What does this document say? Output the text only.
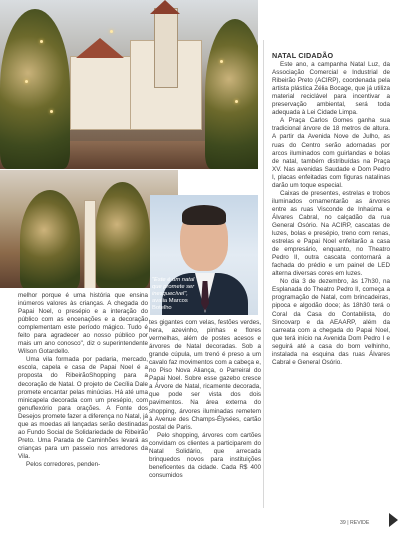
A Vila de Natal, projeto de Cecília Dale para o
"Este é um natal que promete ser inesquecível",
avalia Marcos Botelho

melhor porque é uma história que ensina inúmeros valores às crianças. A chegada do Papai Noel, o presépio e a interação do público com as encenações e a decoração complementam este período mágico. Tudo é feito para agradecer ao nosso público por mais um ano conosco", diz o superintendente Wilson Gotardello.

Uma vila formada por padaria, mercado, escola, capela e casa de Papai Noel é a proposta do RibeirãoShopping para a decoração de Natal. O projeto de Cecília Dale promete encantar pelas minúcias. Há até uma minicapela decorada com um presépio, com genuflexório para orações. A Fonte dos Desejos promete fazer a diferença no Natal, já que as moedas ali lançadas serão destinadas ao Fundo Social de Solidariedade de Ribeirão Preto. Uma Parada de Caminhões levará as crianças para um passeio nos arredores da Vila.

Pelos corredores, penden-

tes gigantes com velas, festões verdes, hera, azevinho, pinhas e flores vermelhas, além de postes acesos e árvores de Natal decoradas. Sob a grande cúpula, um trenó é preso a um cavalo faz movimentos com a cabeça e, no Piso Nova Aliança, o Parreiral do Papai Noel. Sobre esse gazebo cresce a Árvore de Natal, ricamente decorada, que pode ser vista dos dois pavimentos. Na área externa do shopping, árvores iluminadas remetem à Avenue des Champs-Élysées, cartão postal de Paris.

Pelo shopping, árvores com cartões convidam os clientes a participarem do Natal Solidário, que arrecada brinquedos novos para instituições beneficentes da cidade. Cada R$ 400 consumidos

NATAL CIDADÃO

Este ano, a campanha Natal Luz, da Associação Comercial e Industrial de Ribeirão Preto (ACIRP), coordenada pela artista plástica Zélia Bocage, que já utiliza material reciclável para incentivar a preservação ambiental, será toda adequada à Lei Cidade Limpa.

A Praça Carlos Gomes ganha sua tradicional árvore de 18 metros de altura. A partir da Avenida Nove de Julho, as ruas do Centro serão adornadas por arcos iluminados com guirlandas e bolas de natal, também distribuídas na Praça XV. Nas avenidas Saudade e Dom Pedro I, placas enfeitadas com figuras natalinas darão um toque especial.

Caixas de presentes, estrelas e trobos iluminados ornamentarão as árvores entre as ruas Visconde de Inhaúma e Álvares Cabral, no calçadão da rua General Osório. Na ACIRP, cascatas de luzes, bolas e presépio, treno com renas, estrelas e Papai Noel enfeitarão a casa de empresário, enquanto, no Theatro Pedro II, outra cascata contornará a fachada do prédio e um painel de LED alterna diversas cores em luzes.

No dia 3 de dezembro, às 17h30, na Esplanada do Theatro Pedro II, começa a programação de Natal, com brincadeiras, pipoca e algodão doce; às 18h30 terá o Coral da Casa do Contabilista, do Sincovarp e da AEAARP, além da carreata com a chegada do Papai Noel, que terá início na Avenida Dom Pedro I e seguirá até a casa do bom velhinho, instalada na esquina das ruas Álvares Cabral e General Osório.

39 | REVIDE
